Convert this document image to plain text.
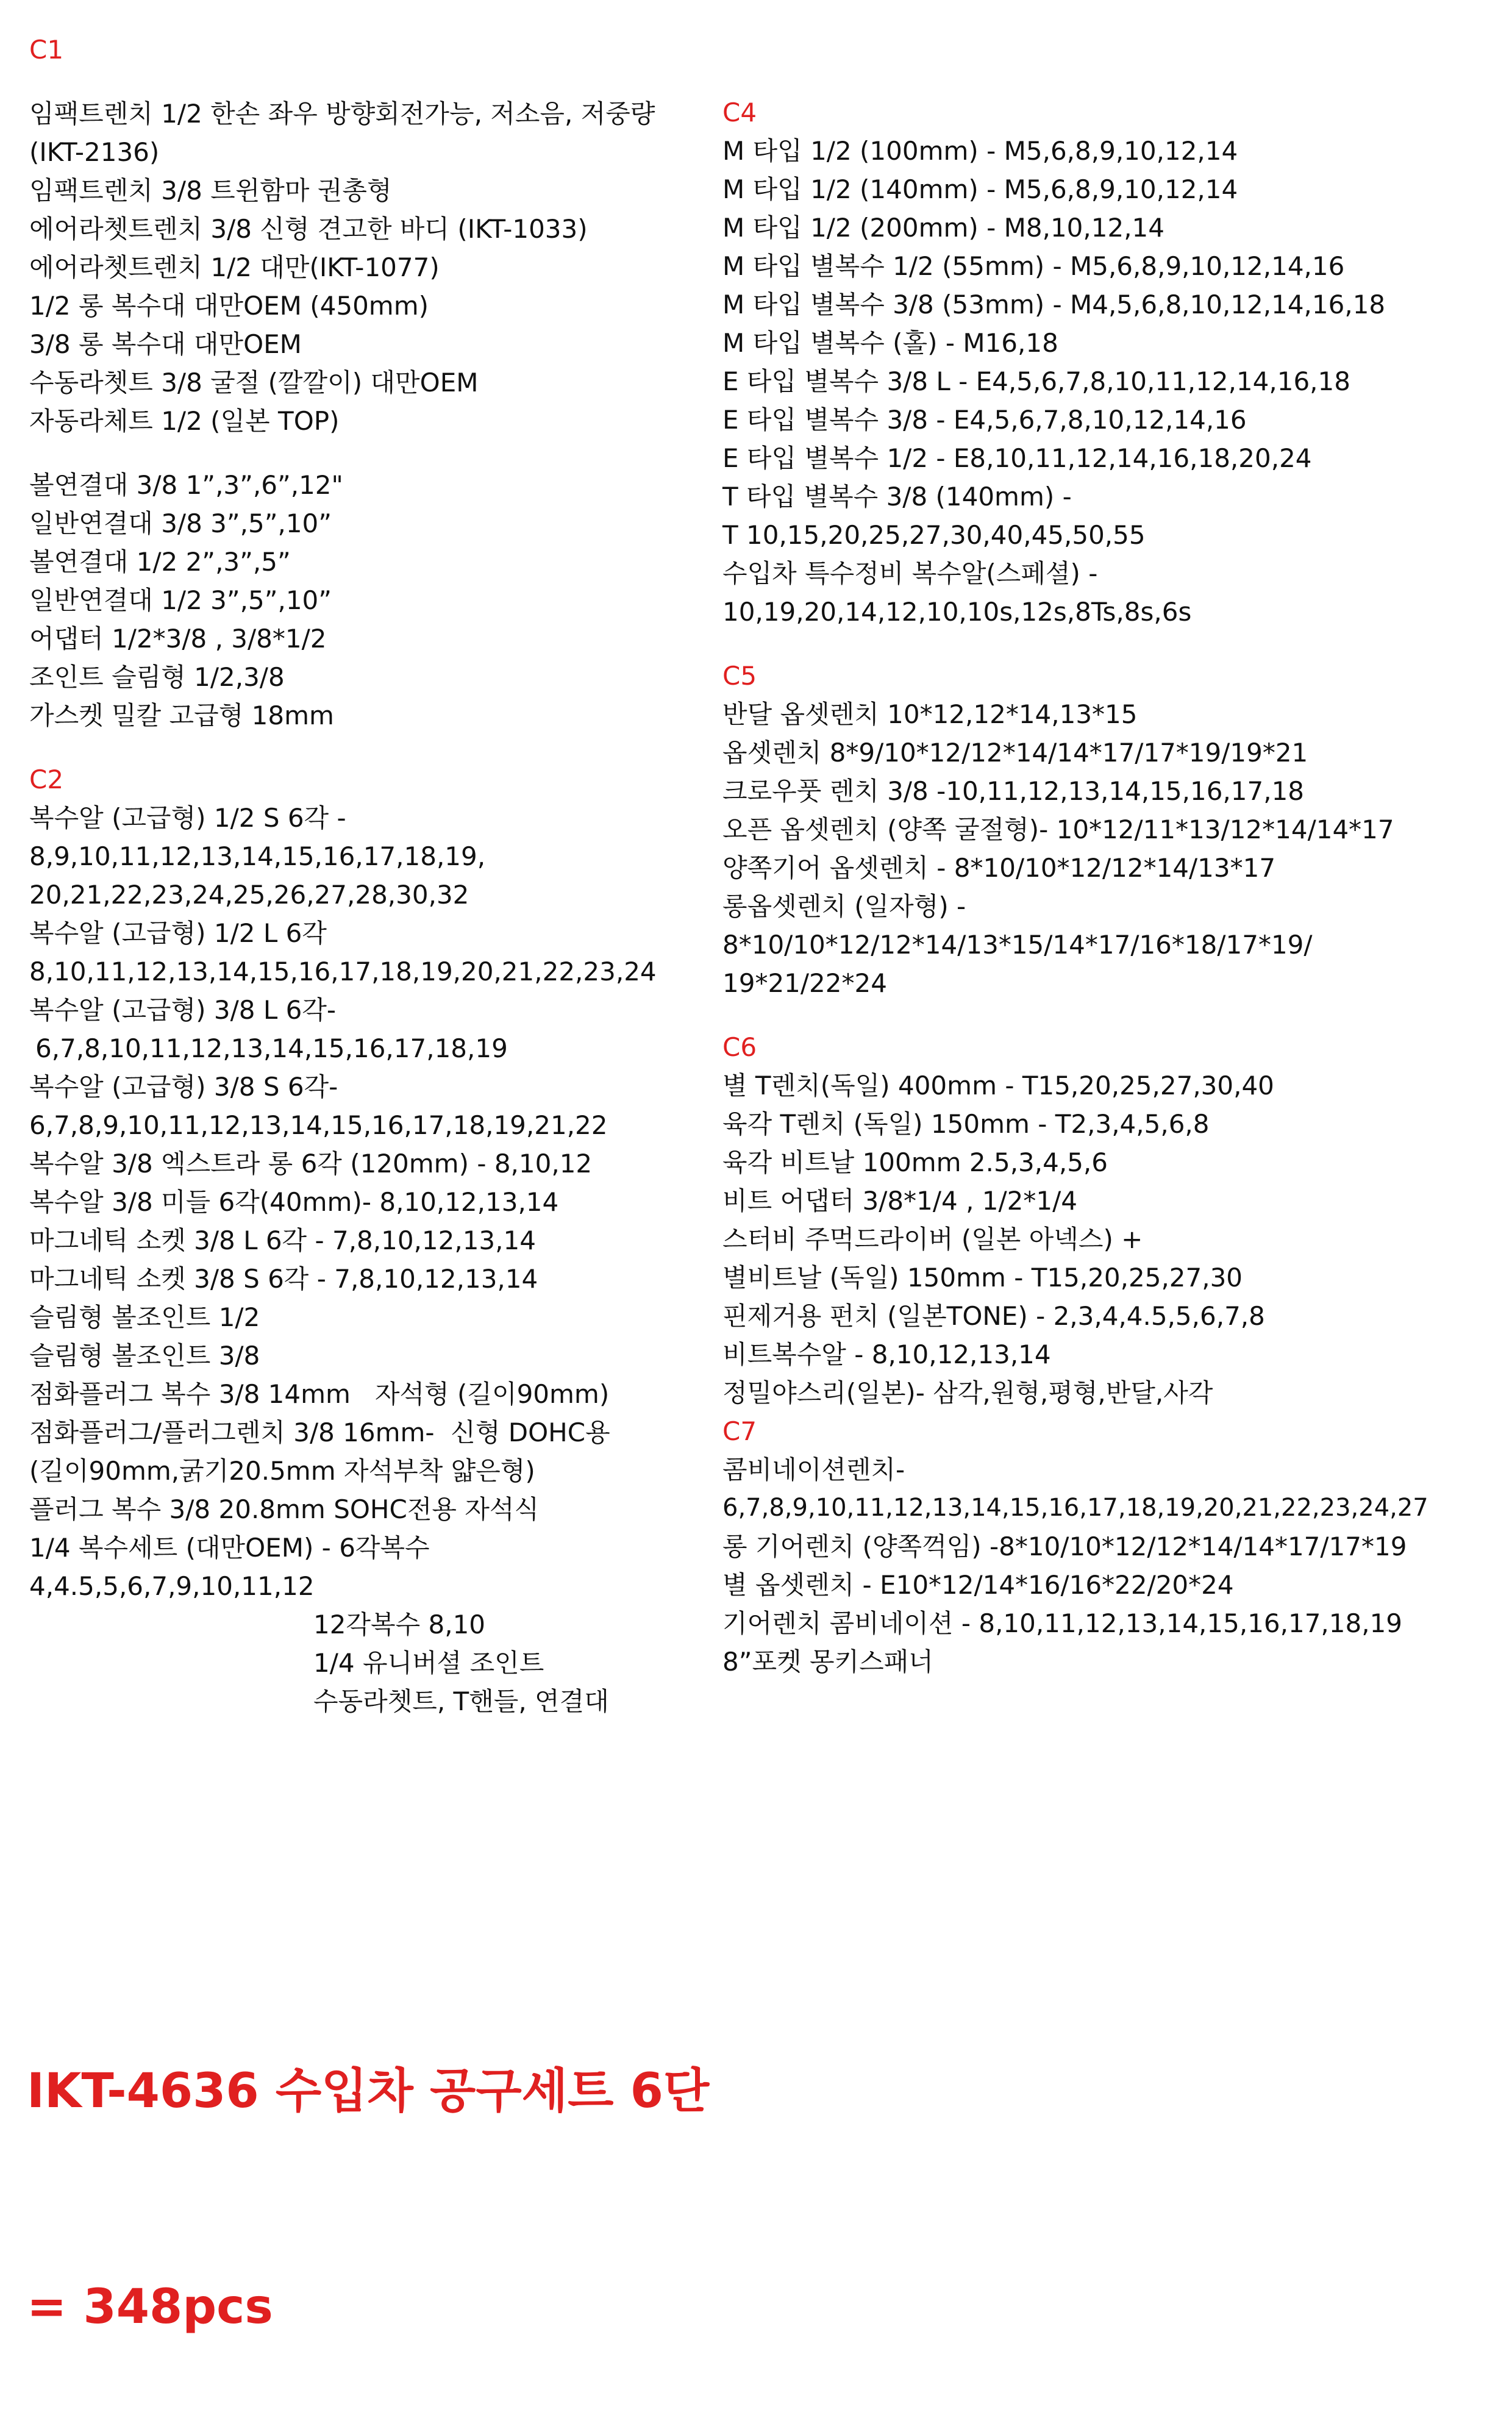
C1
임팩트렌치 1/2 한손 좌우 방향회전가능, 저소음, 저중량
(IKT-2136)
임팩트렌치 3/8 트윈함마 권총형
에어라쳇트렌치 3/8 신형 견고한 바디 (IKT-1033)
에어라쳇트렌치 1/2 대만(IKT-1077)
1/2 롱 복수대 대만OEM (450mm)
3/8 롱 복수대 대만OEM
수동라쳇트 3/8 굴절 (깔깔이) 대만OEM
자동라체트 1/2 (일본 TOP)
볼연결대 3/8 1”,3”,6”,12"
일반연결대 3/8 3”,5”,10”
볼연결대 1/2 2”,3”,5”
일반연결대 1/2 3”,5”,10”
어댑터 1/2*3/8 , 3/8*1/2
조인트 슬림형 1/2,3/8
가스켓 밀칼 고급형 18mm
C2
복수알 (고급형) 1/2 S 6각 -
8,9,10,11,12,13,14,15,16,17,18,19,
20,21,22,23,24,25,26,27,28,30,32
복수알 (고급형) 1/2 L 6각
8,10,11,12,13,14,15,16,17,18,19,20,21,22,23,24
복수알 (고급형) 3/8 L 6각-
6,7,8,10,11,12,13,14,15,16,17,18,19
복수알 (고급형) 3/8 S 6각-
6,7,8,9,10,11,12,13,14,15,16,17,18,19,21,22
복수알 3/8 엑스트라 롱 6각 (120mm) - 8,10,12
복수알 3/8 미들 6각(40mm)- 8,10,12,13,14
마그네틱 소켓 3/8 L 6각 - 7,8,10,12,13,14
마그네틱 소켓 3/8 S 6각 - 7,8,10,12,13,14
슬림형 볼조인트 1/2
슬림형 볼조인트 3/8
점화플러그 복수 3/8 14mm   자석형 (길이90mm)
점화플러그/플러그렌치 3/8 16mm-  신형 DOHC용
(길이90mm,굵기20.5mm 자석부착 얇은형)
플러그 복수 3/8 20.8mm SOHC전용 자석식
1/4 복수세트 (대만OEM) - 6각복수
4,4.5,5,6,7,9,10,11,12
12각복수 8,10
1/4 유니버셜 조인트
수동라쳇트, T핸들, 연결대
C4
M 타입 1/2 (100mm) - M5,6,8,9,10,12,14
M 타입 1/2 (140mm) - M5,6,8,9,10,12,14
M 타입 1/2 (200mm) - M8,10,12,14
M 타입 별복수 1/2 (55mm) - M5,6,8,9,10,12,14,16
M 타입 별복수 3/8 (53mm) - M4,5,6,8,10,12,14,16,18
M 타입 별복수 (홀) - M16,18
E 타입 별복수 3/8 L - E4,5,6,7,8,10,11,12,14,16,18
E 타입 별복수 3/8 - E4,5,6,7,8,10,12,14,16
E 타입 별복수 1/2 - E8,10,11,12,14,16,18,20,24
T 타입 별복수 3/8 (140mm) -
T 10,15,20,25,27,30,40,45,50,55
수입차 특수정비 복수알(스페셜) -
10,19,20,14,12,10,10s,12s,8Ts,8s,6s
C5
반달 옵셋렌치 10*12,12*14,13*15
옵셋렌치 8*9/10*12/12*14/14*17/17*19/19*21
크로우풋 렌치 3/8 -10,11,12,13,14,15,16,17,18
오픈 옵셋렌치 (양쪽 굴절형)- 10*12/11*13/12*14/14*17
양쪽기어 옵셋렌치 - 8*10/10*12/12*14/13*17
롱옵셋렌치 (일자형) -
8*10/10*12/12*14/13*15/14*17/16*18/17*19/
19*21/22*24
C6
별 T렌치(독일) 400mm - T15,20,25,27,30,40
육각 T렌치 (독일) 150mm - T2,3,4,5,6,8
육각 비트날 100mm 2.5,3,4,5,6
비트 어댑터 3/8*1/4 , 1/2*1/4
스터비 주먹드라이버 (일본 아넥스) +
별비트날 (독일) 150mm - T15,20,25,27,30
핀제거용 펀치 (일본TONE) - 2,3,4,4.5,5,6,7,8
비트복수알 - 8,10,12,13,14
정밀야스리(일본)- 삼각,원형,평형,반달,사각
C7
콤비네이션렌치-
6,7,8,9,10,11,12,13,14,15,16,17,18,19,20,21,22,23,24,27
롱 기어렌치 (양쪽꺽임) -8*10/10*12/12*14/14*17/17*19
별 옵셋렌치 - E10*12/14*16/16*22/20*24
기어렌치 콤비네이션 - 8,10,11,12,13,14,15,16,17,18,19
8”포켓 몽키스패너

IKT-4636 수입차 공구세트 6단

= 348pcs
